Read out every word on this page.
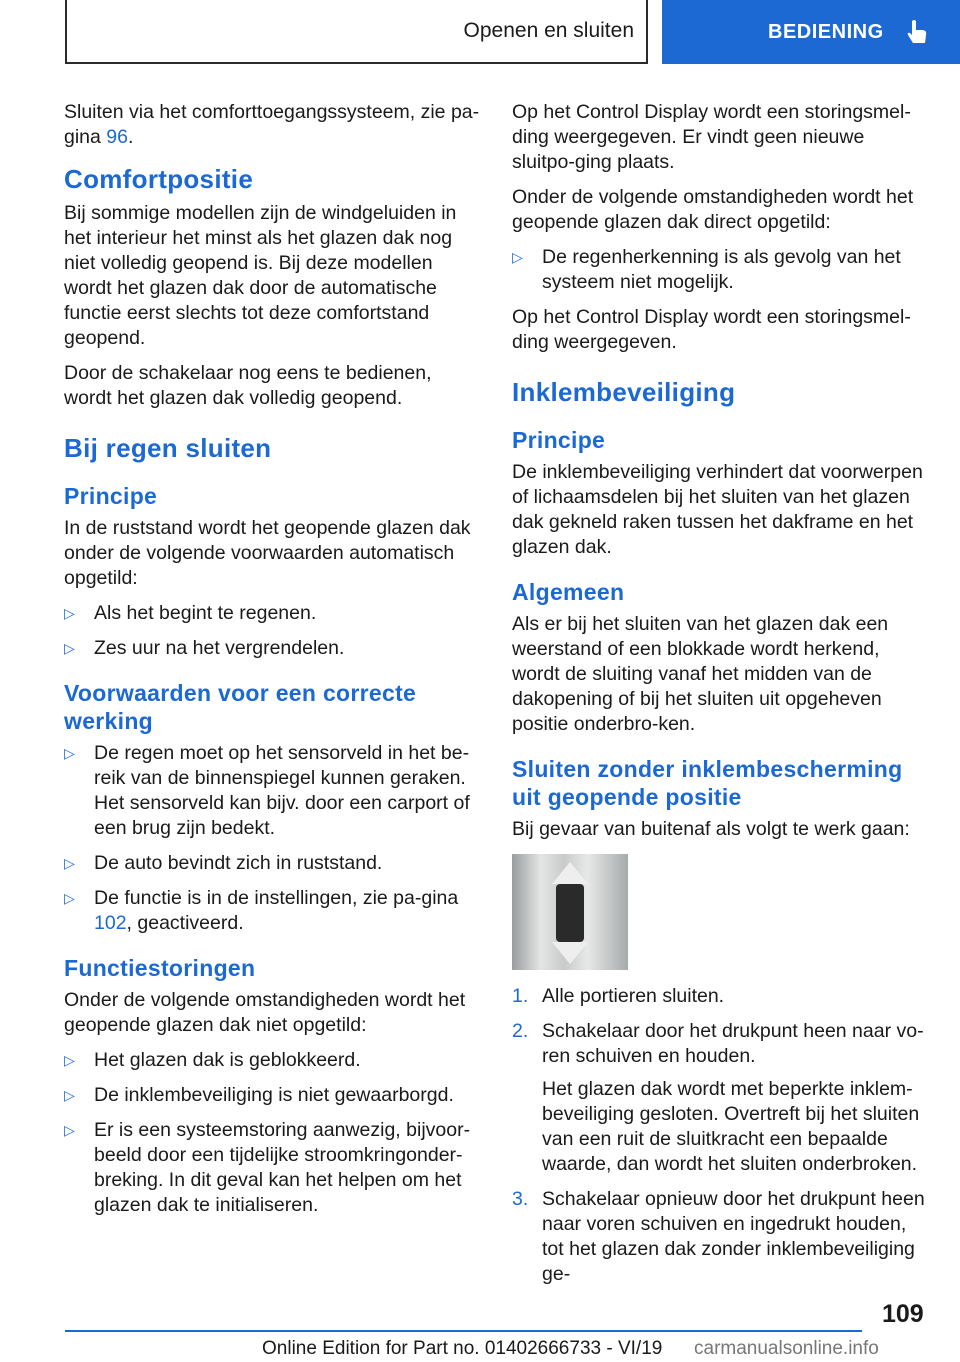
Openen en sluiten	BEDIENING

Sluiten via het comforttoegangssysteem, zie pa-gina 96.

Comfortpositie

Bij sommige modellen zijn de windgeluiden in het interieur het minst als het glazen dak nog niet volledig geopend is. Bij deze modellen wordt het glazen dak door de automatische functie eerst slechts tot deze comfortstand geopend.

Door de schakelaar nog eens te bedienen, wordt het glazen dak volledig geopend.

Bij regen sluiten
Principe

In de ruststand wordt het geopende glazen dak onder de volgende voorwaarden automatisch opgetild:

▷ Als het begint te regenen.
▷ Zes uur na het vergrendelen.
Voorwaarden voor een correcte werking
▷ De regen moet op het sensorveld in het be-reik van de binnenspiegel kunnen geraken. Het sensorveld kan bijv. door een carport of een brug zijn bedekt.
▷ De auto bevindt zich in ruststand.
▷ De functie is in de instellingen, zie pa-gina 102, geactiveerd.
Functiestoringen

Onder de volgende omstandigheden wordt het geopende glazen dak niet opgetild:

▷ Het glazen dak is geblokkeerd.
▷ De inklembeveiliging is niet gewaarborgd.
▷ Er is een systeemstoring aanwezig, bijvoor-beeld door een tijdelijke stroomkringonder-breking. In dit geval kan het helpen om het glazen dak te initialiseren.

Op het Control Display wordt een storingsmel-ding weergegeven. Er vindt geen nieuwe sluitpo-ging plaats.

Onder de volgende omstandigheden wordt het geopende glazen dak direct opgetild:

▷ De regenherkenning is als gevolg van het systeem niet mogelijk.

Op het Control Display wordt een storingsmel-ding weergegeven.

Inklembeveiliging
Principe

De inklembeveiliging verhindert dat voorwerpen of lichaamsdelen bij het sluiten van het glazen dak gekneld raken tussen het dakframe en het glazen dak.

Algemeen

Als er bij het sluiten van het glazen dak een weerstand of een blokkade wordt herkend, wordt de sluiting vanaf het midden van de dakopening of bij het sluiten uit opgeheven positie onderbro-ken.

Sluiten zonder inklembescherming uit geopende positie

Bij gevaar van buitenaf als volgt te werk gaan:

1. Alle portieren sluiten.
2. Schakelaar door het drukpunt heen naar vo-ren schuiven en houden.

Het glazen dak wordt met beperkte inklem-beveiliging gesloten. Overtreft bij het sluiten van een ruit de sluitkracht een bepaalde waarde, dan wordt het sluiten onderbroken.

3. Schakelaar opnieuw door het drukpunt heen naar voren schuiven en ingedrukt houden, tot het glazen dak zonder inklembeveiliging ge-
109
Online Edition for Part no. 01402666733 - VI/19 carmanualsonline.info
